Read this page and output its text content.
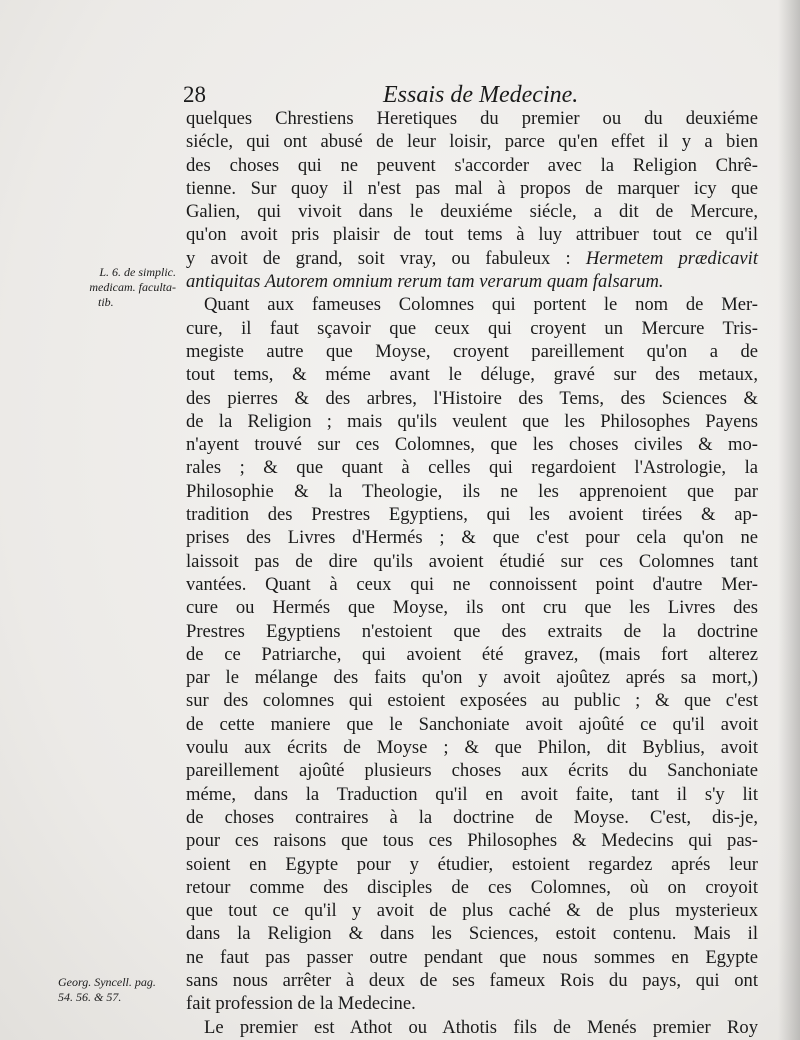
28	Essais de Medecine.
L. 6. de simplic.
medicam. faculta-
tib.
Georg. Syncell. pag.
54. 56. & 57.
quelques Chrestiens Heretiques du premier ou du deuxiéme
siécle, qui ont abusé de leur loisir, parce qu'en effet il y a bien
des choses qui ne peuvent s'accorder avec la Religion Chrê-
tienne. Sur quoy il n'est pas mal à propos de marquer icy que
Galien, qui vivoit dans le deuxiéme siécle, a dit de Mercure,
qu'on avoit pris plaisir de tout tems à luy attribuer tout ce qu'il
y avoit de grand, soit vray, ou fabuleux : Hermetem prædicavit
antiquitas Autorem omnium rerum tam verarum quam falsarum.
Quant aux fameuses Colomnes qui portent le nom de Mer-
cure, il faut sçavoir que ceux qui croyent un Mercure Tris-
megiste autre que Moyse, croyent pareillement qu'on a de
tout tems, & méme avant le déluge, gravé sur des metaux,
des pierres & des arbres, l'Histoire des Tems, des Sciences &
de la Religion ; mais qu'ils veulent que les Philosophes Payens
n'ayent trouvé sur ces Colomnes, que les choses civiles & mo-
rales ; & que quant à celles qui regardoient l'Astrologie, la
Philosophie & la Theologie, ils ne les apprenoient que par
tradition des Prestres Egyptiens, qui les avoient tirées & ap-
prises des Livres d'Hermés ; & que c'est pour cela qu'on ne
laissoit pas de dire qu'ils avoient étudié sur ces Colomnes tant
vantées. Quant à ceux qui ne connoissent point d'autre Mer-
cure ou Hermés que Moyse, ils ont cru que les Livres des
Prestres Egyptiens n'estoient que des extraits de la doctrine
de ce Patriarche, qui avoient été gravez, (mais fort alterez
par le mélange des faits qu'on y avoit ajoûtez aprés sa mort,)
sur des colomnes qui estoient exposées au public ; & que c'est
de cette maniere que le Sanchoniate avoit ajoûté ce qu'il avoit
voulu aux écrits de Moyse ; & que Philon, dit Byblius, avoit
pareillement ajoûté plusieurs choses aux écrits du Sanchoniate
méme, dans la Traduction qu'il en avoit faite, tant il s'y lit
de choses contraires à la doctrine de Moyse. C'est, dis-je,
pour ces raisons que tous ces Philosophes & Medecins qui pas-
soient en Egypte pour y étudier, estoient regardez aprés leur
retour comme des disciples de ces Colomnes, où on croyoit
que tout ce qu'il y avoit de plus caché & de plus mysterieux
dans la Religion & dans les Sciences, estoit contenu. Mais il
ne faut pas passer outre pendant que nous sommes en Egypte
sans nous arrêter à deux de ses fameux Rois du pays, qui ont
fait profession de la Medecine.
Le premier est Athot ou Athotis fils de Menés premier Roy
